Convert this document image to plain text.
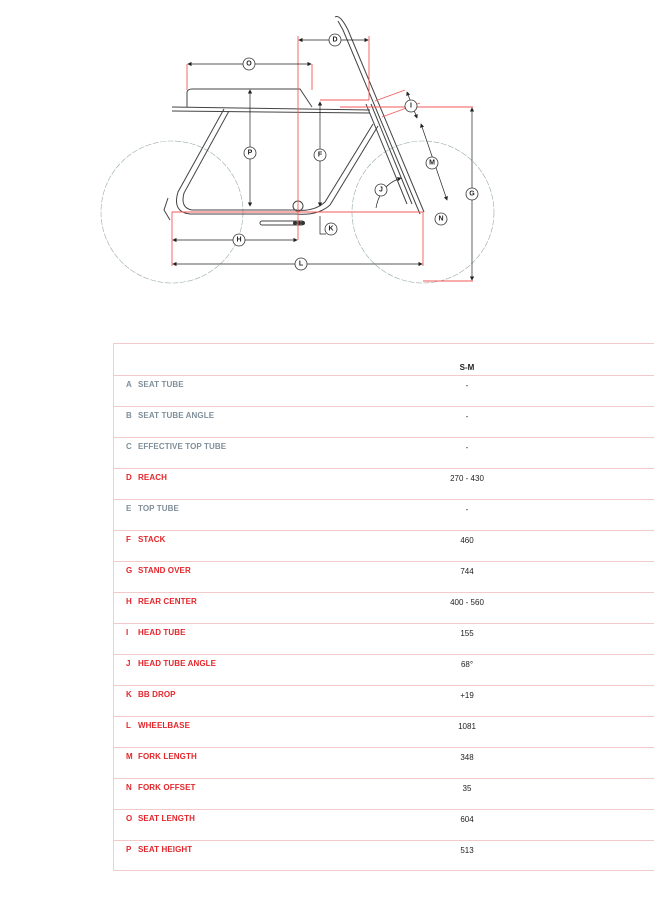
D
O
I
P	F
M
J
G
N
K
H
L
S-M
A SEAT TUBE	-
B SEAT TUBE ANGLE	-
C EFFECTIVE TOP TUBE	-
D REACH	270 - 430
E TOP TUBE	-
F STACK	460
G STAND OVER	744
H REAR CENTER	400 - 560
I HEAD TUBE	155
J HEAD TUBE ANGLE	68°
K BB DROP	+19
L WHEELBASE	1081
M FORK LENGTH	348
N FORK OFFSET	35
O SEAT LENGTH	604
P SEAT HEIGHT	513
